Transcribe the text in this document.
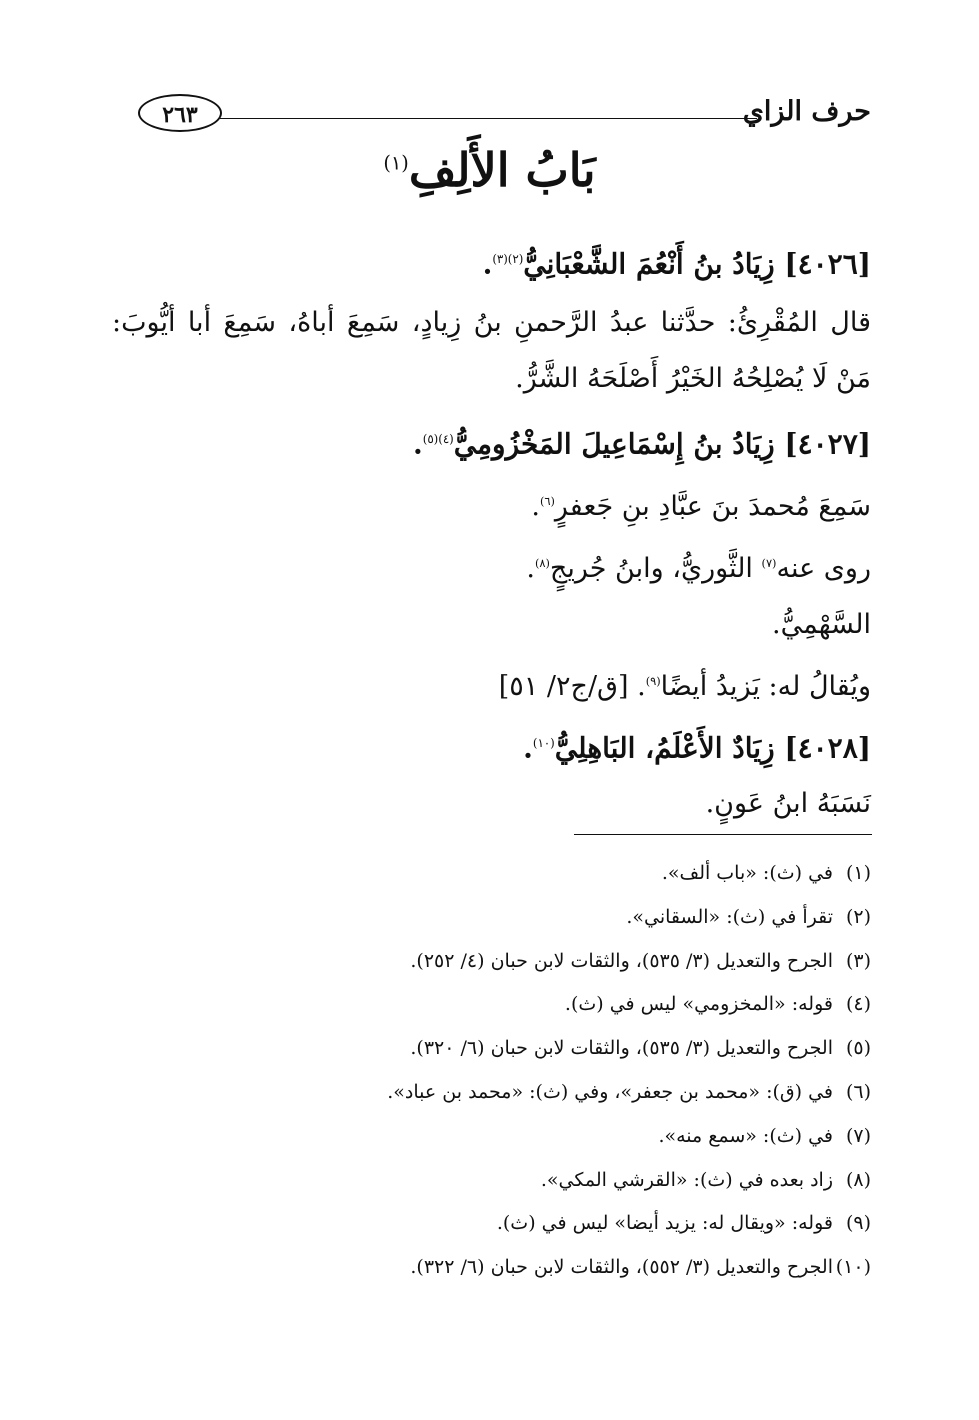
حرف الزاي
٢٦٣
بَابُ الأَلِفِ$^{(١)}$

[٤٠٢٦] زِيَادُ بنُ أَنْعُمَ الشَّعْبَانِيُّ$^{(٢)(٣)}$.

قال المُقْرِئُ: حدَّثنا عبدُ الرَّحمنِ بنُ زِيادٍ، سَمِعَ أباهُ، سَمِعَ أبا أيُّوبَ: مَنْ لَا يُصْلِحُهُ الخَيْرُ أَصْلَحَهُ الشَّرُّ.

[٤٠٢٧] زِيَادُ بنُ إِسْمَاعِيلَ المَخْزُومِيُّ$^{(٤)(٥)}$.

سَمِعَ مُحمدَ بنَ عبَّادِ بنِ جَعفرٍ$^{(٦)}$.

روى عنه$^{(٧)}$ الثَّوريُّ، وابنُ جُريجٍ$^{(٨)}$.

السَّهْمِيُّ.

ويُقالُ له: يَزيدُ أيضًا$^{(٩)}$. [ق/ج٢/ ٥١]

[٤٠٢٨] زِيَادٌ الأَعْلَمُ، البَاهِلِيُّ$^{(١٠)}$.

نَسَبَهُ ابنُ عَونٍ.

(١)في (ث): «باب ألف».
(٢)تقرأ في (ث): «السقاني».
(٣)الجرح والتعديل (٣/ ٥٣٥)، والثقات لابن حبان (٤/ ٢٥٢).
(٤)قوله: «المخزومي» ليس في (ث).
(٥)الجرح والتعديل (٣/ ٥٣٥)، والثقات لابن حبان (٦/ ٣٢٠).
(٦)في (ق): «محمد بن جعفر»، وفي (ث): «محمد بن عباد».
(٧)في (ث): «سمع منه».
(٨)زاد بعده في (ث): «القرشي المكي».
(٩)قوله: «ويقال له: يزيد أيضا» ليس في (ث).
(١٠)الجرح والتعديل (٣/ ٥٥٢)، والثقات لابن حبان (٦/ ٣٢٢).
